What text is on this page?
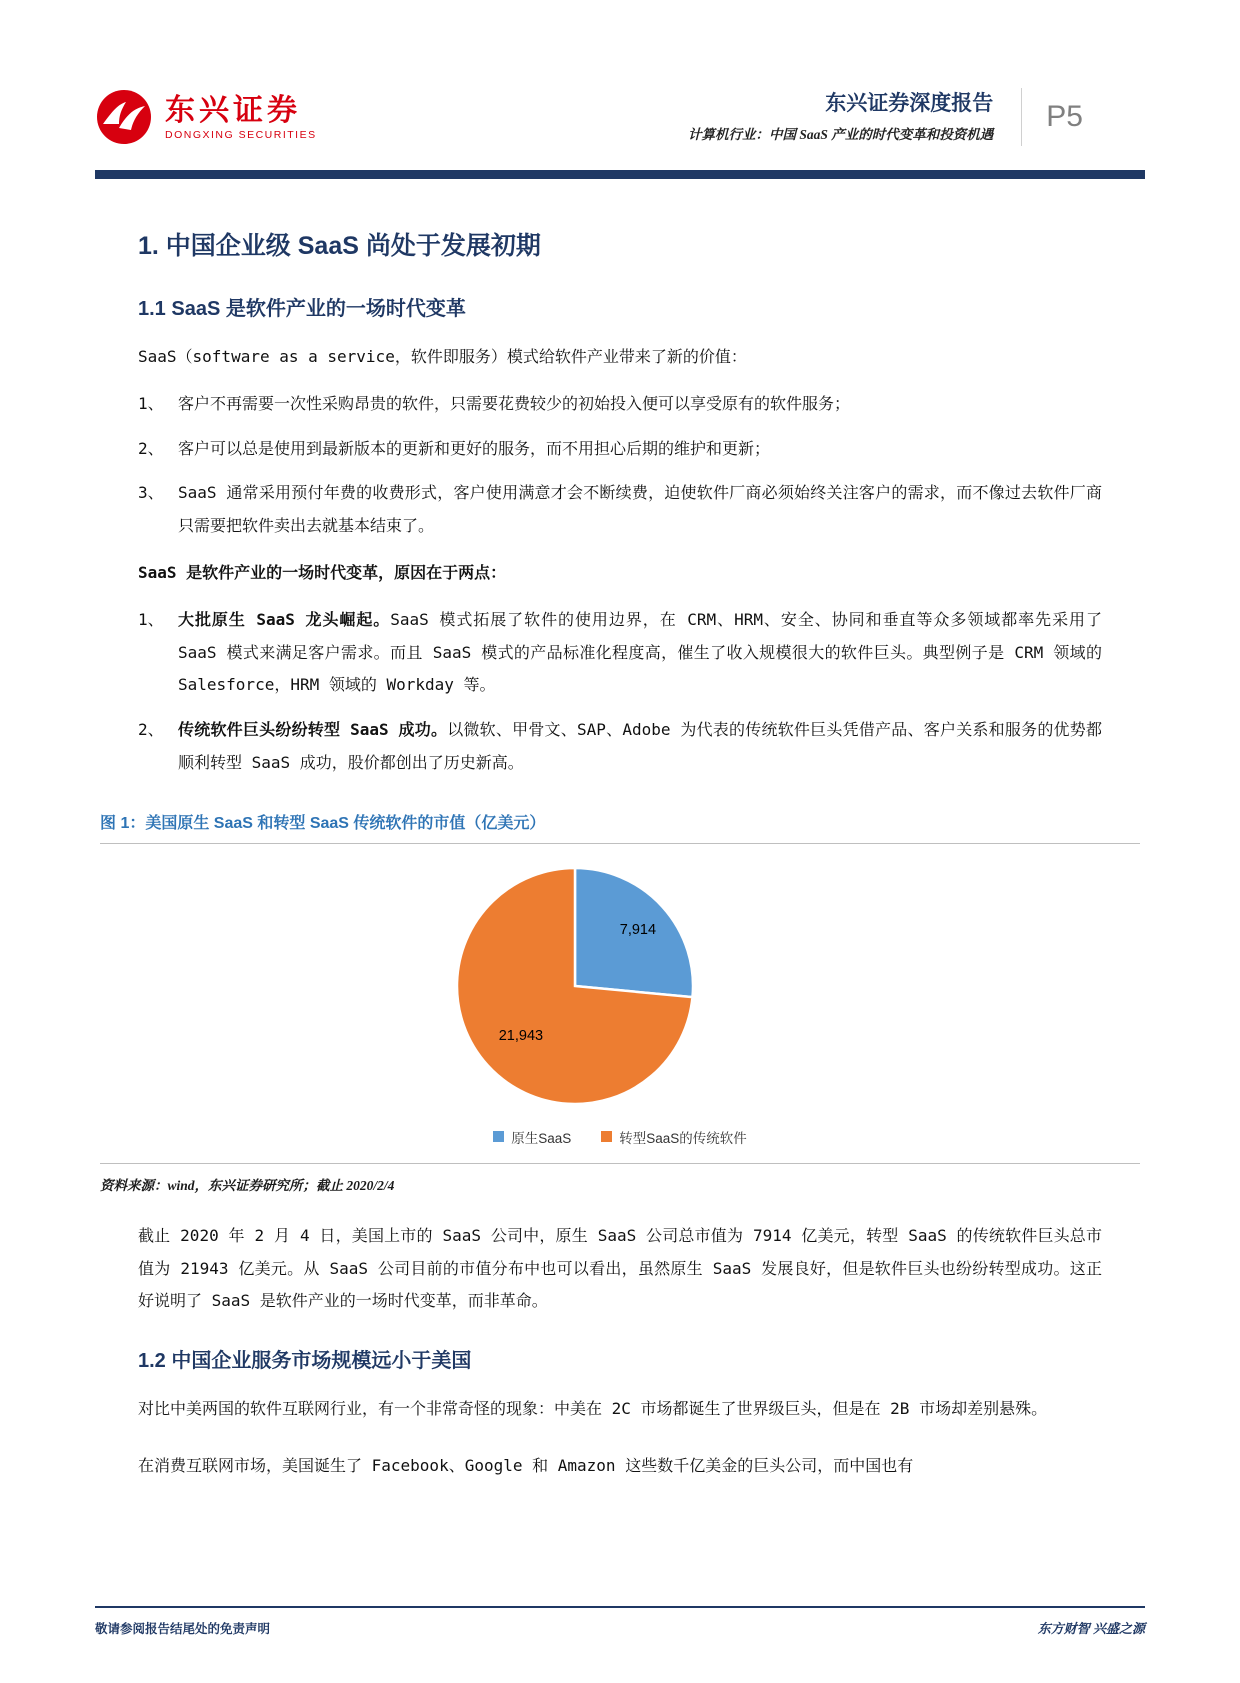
东兴证券
DONGXING SECURITIES
东兴证券深度报告
计算机行业：中国 SaaS 产业的时代变革和投资机遇
P5
1. 中国企业级 SaaS 尚处于发展初期
1.1 SaaS 是软件产业的一场时代变革

SaaS（software as a service，软件即服务）模式给软件产业带来了新的价值：

1、 客户不再需要一次性采购昂贵的软件，只需要花费较少的初始投入便可以享受原有的软件服务；
2、 客户可以总是使用到最新版本的更新和更好的服务，而不用担心后期的维护和更新；
3、 SaaS 通常采用预付年费的收费形式，客户使用满意才会不断续费，迫使软件厂商必须始终关注客户的需求，而不像过去软件厂商只需要把软件卖出去就基本结束了。

SaaS 是软件产业的一场时代变革，原因在于两点：

1、 大批原生 SaaS 龙头崛起。SaaS 模式拓展了软件的使用边界，在 CRM、HRM、安全、协同和垂直等众多领域都率先采用了 SaaS 模式来满足客户需求。而且 SaaS 模式的产品标准化程度高，催生了收入规模很大的软件巨头。典型例子是 CRM 领域的 Salesforce，HRM 领域的 Workday 等。
2、 传统软件巨头纷纷转型 SaaS 成功。以微软、甲骨文、SAP、Adobe 为代表的传统软件巨头凭借产品、客户关系和服务的优势都顺利转型 SaaS 成功，股价都创出了历史新高。
图 1：美国原生 SaaS 和转型 SaaS 传统软件的市值（亿美元）
7,914
21,943
原生SaaS	转型SaaS的传统软件
资料来源：wind，东兴证券研究所；截止 2020/2/4

截止 2020 年 2 月 4 日，美国上市的 SaaS 公司中，原生 SaaS 公司总市值为 7914 亿美元，转型 SaaS 的传统软件巨头总市值为 21943 亿美元。从 SaaS 公司目前的市值分布中也可以看出，虽然原生 SaaS 发展良好，但是软件巨头也纷纷转型成功。这正好说明了 SaaS 是软件产业的一场时代变革，而非革命。

1.2 中国企业服务市场规模远小于美国

对比中美两国的软件互联网行业，有一个非常奇怪的现象：中美在 2C 市场都诞生了世界级巨头，但是在 2B 市场却差别悬殊。

在消费互联网市场，美国诞生了 Facebook、Google 和 Amazon 这些数千亿美金的巨头公司，而中国也有

敬请参阅报告结尾处的免责声明	东方财智 兴盛之源
